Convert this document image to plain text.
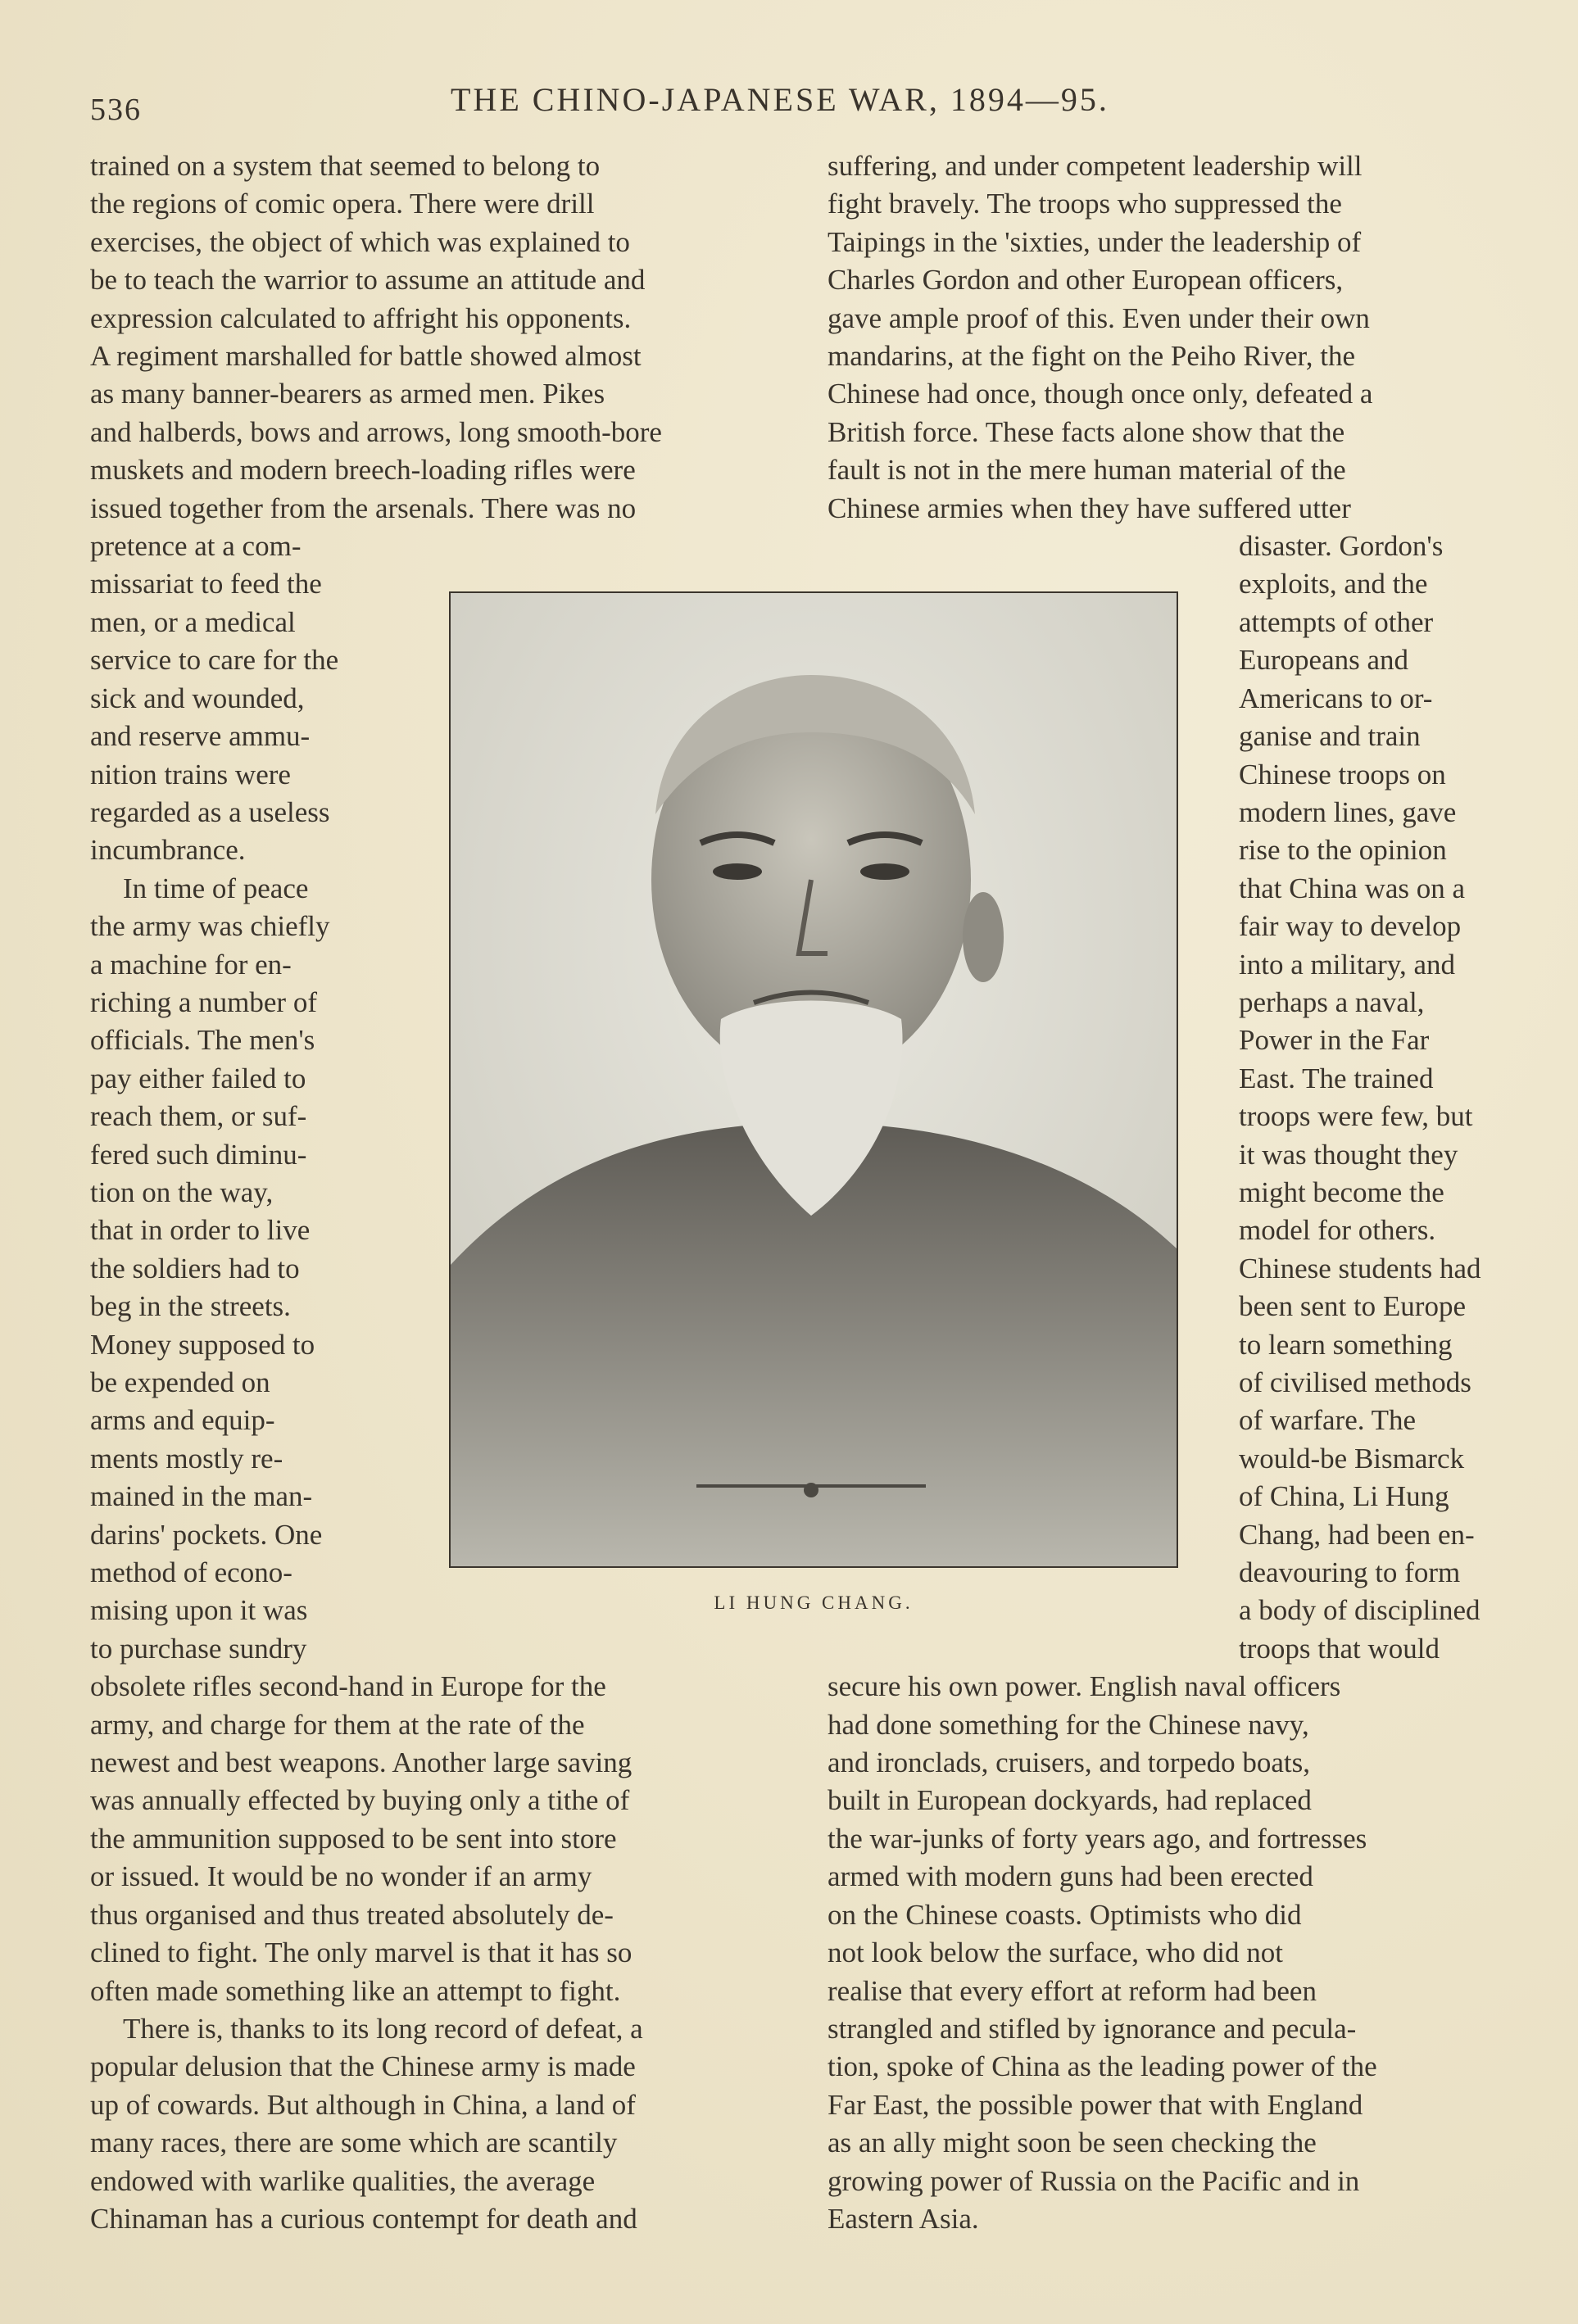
536	THE CHINO-JAPANESE WAR, 1894—95.

trained on a system that seemed to belong to

the regions of comic opera. There were drill

exercises, the object of which was explained to

be to teach the warrior to assume an attitude and

expression calculated to affright his opponents.

A regiment marshalled for battle showed almost

as many banner-bearers as armed men. Pikes

and halberds, bows and arrows, long smooth-bore

muskets and modern breech-loading rifles were

issued together from the arsenals. There was no

pretence at a com-

missariat to feed the

men, or a medical

service to care for the

sick and wounded,

and reserve ammu-

nition trains were

regarded as a useless

incumbrance.

In time of peace

the army was chiefly

a machine for en-

riching a number of

officials. The men's

pay either failed to

reach them, or suf-

fered such diminu-

tion on the way,

that in order to live

the soldiers had to

beg in the streets.

Money supposed to

be expended on

arms and equip-

ments mostly re-

mained in the man-

darins' pockets. One

method of econo-

mising upon it was

to purchase sundry

obsolete rifles second-hand in Europe for the

army, and charge for them at the rate of the

newest and best weapons. Another large saving

was annually effected by buying only a tithe of

the ammunition supposed to be sent into store

or issued. It would be no wonder if an army

thus organised and thus treated absolutely de-

clined to fight. The only marvel is that it has so

often made something like an attempt to fight.

There is, thanks to its long record of defeat, a

popular delusion that the Chinese army is made

up of cowards. But although in China, a land of

many races, there are some which are scantily

endowed with warlike qualities, the average

Chinaman has a curious contempt for death and

suffering, and under competent leadership will

fight bravely. The troops who suppressed the

Taipings in the 'sixties, under the leadership of

Charles Gordon and other European officers,

gave ample proof of this. Even under their own

mandarins, at the fight on the Peiho River, the

Chinese had once, though once only, defeated a

British force. These facts alone show that the

fault is not in the mere human material of the

Chinese armies when they have suffered utter

disaster. Gordon's

exploits, and the

attempts of other

Europeans and

Americans to or-

ganise and train

Chinese troops on

modern lines, gave

rise to the opinion

that China was on a

fair way to develop

into a military, and

perhaps a naval,

Power in the Far

East. The trained

troops were few, but

it was thought they

might become the

model for others.

Chinese students had

been sent to Europe

to learn something

of civilised methods

of warfare. The

would-be Bismarck

of China, Li Hung

Chang, had been en-

deavouring to form

a body of disciplined

troops that would

secure his own power. English naval officers

had done something for the Chinese navy,

and ironclads, cruisers, and torpedo boats,

built in European dockyards, had replaced

the war-junks of forty years ago, and fortresses

armed with modern guns had been erected

on the Chinese coasts. Optimists who did

not look below the surface, who did not

realise that every effort at reform had been

strangled and stifled by ignorance and pecula-

tion, spoke of China as the leading power of the

Far East, the possible power that with England

as an ally might soon be seen checking the

growing power of Russia on the Pacific and in

Eastern Asia.

LI HUNG CHANG.
